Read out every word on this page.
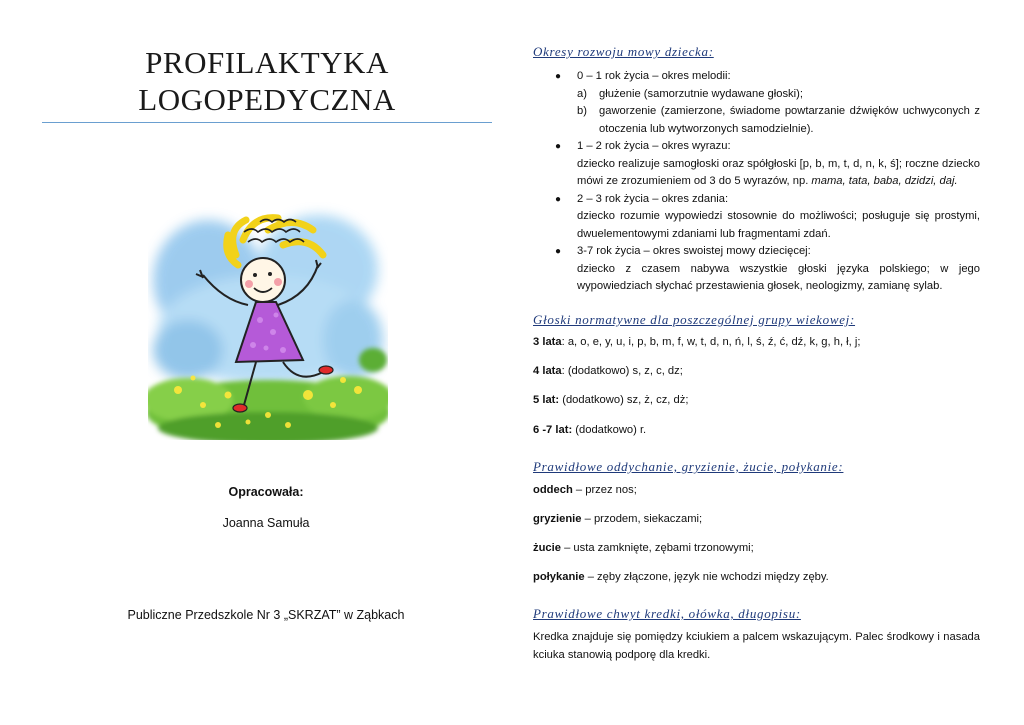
PROFILAKTYKA
LOGOPEDYCZNA
Opracowała:
Joanna Samuła
Publiczne Przedszkole Nr 3 „SKRZAT” w Ząbkach
Okresy rozwoju mowy dziecka:
● 0 – 1 rok życia – okres melodii:
a) głużenie (samorzutnie wydawane głoski);
b) gaworzenie (zamierzone, świadome powtarzanie dźwięków uchwyconych z otoczenia lub wytworzonych samodzielnie).
● 1 – 2 rok życia – okres wyrazu:
dziecko realizuje samogłoski oraz spółgłoski [p, b, m, t, d, n, k, ś]; roczne dziecko mówi ze zrozumieniem od 3 do 5 wyrazów, np. mama, tata, baba, dzidzi, daj.
● 2 – 3 rok życia – okres zdania:
dziecko rozumie wypowiedzi stosownie do możliwości; posługuje się prostymi, dwuelementowymi zdaniami lub fragmentami zdań.
● 3-7 rok życia – okres swoistej mowy dziecięcej:
dziecko z czasem nabywa wszystkie głoski języka polskiego; w jego wypowiedziach słychać przestawienia głosek, neologizmy, zamianę sylab.
Głoski normatywne dla poszczególnej grupy wiekowej:
3 lata: a, o, e, y, u, i, p, b, m, f, w, t, d, n, ń, l, ś, ź, ć, dź, k, g, h, ł, j;
4 lata: (dodatkowo) s, z, c, dz;
5 lat: (dodatkowo) sz, ż, cz, dż;
6 -7 lat: (dodatkowo) r.
Prawidłowe oddychanie, gryzienie, żucie, połykanie:
oddech – przez nos;
gryzienie – przodem, siekaczami;
żucie – usta zamknięte, zębami trzonowymi;
połykanie – zęby złączone, język nie wchodzi między zęby.
Prawidłowe chwyt kredki, ołówka, długopisu:
Kredka znajduje się pomiędzy kciukiem a palcem wskazującym. Palec środkowy i nasada kciuka stanowią podporę dla kredki.
